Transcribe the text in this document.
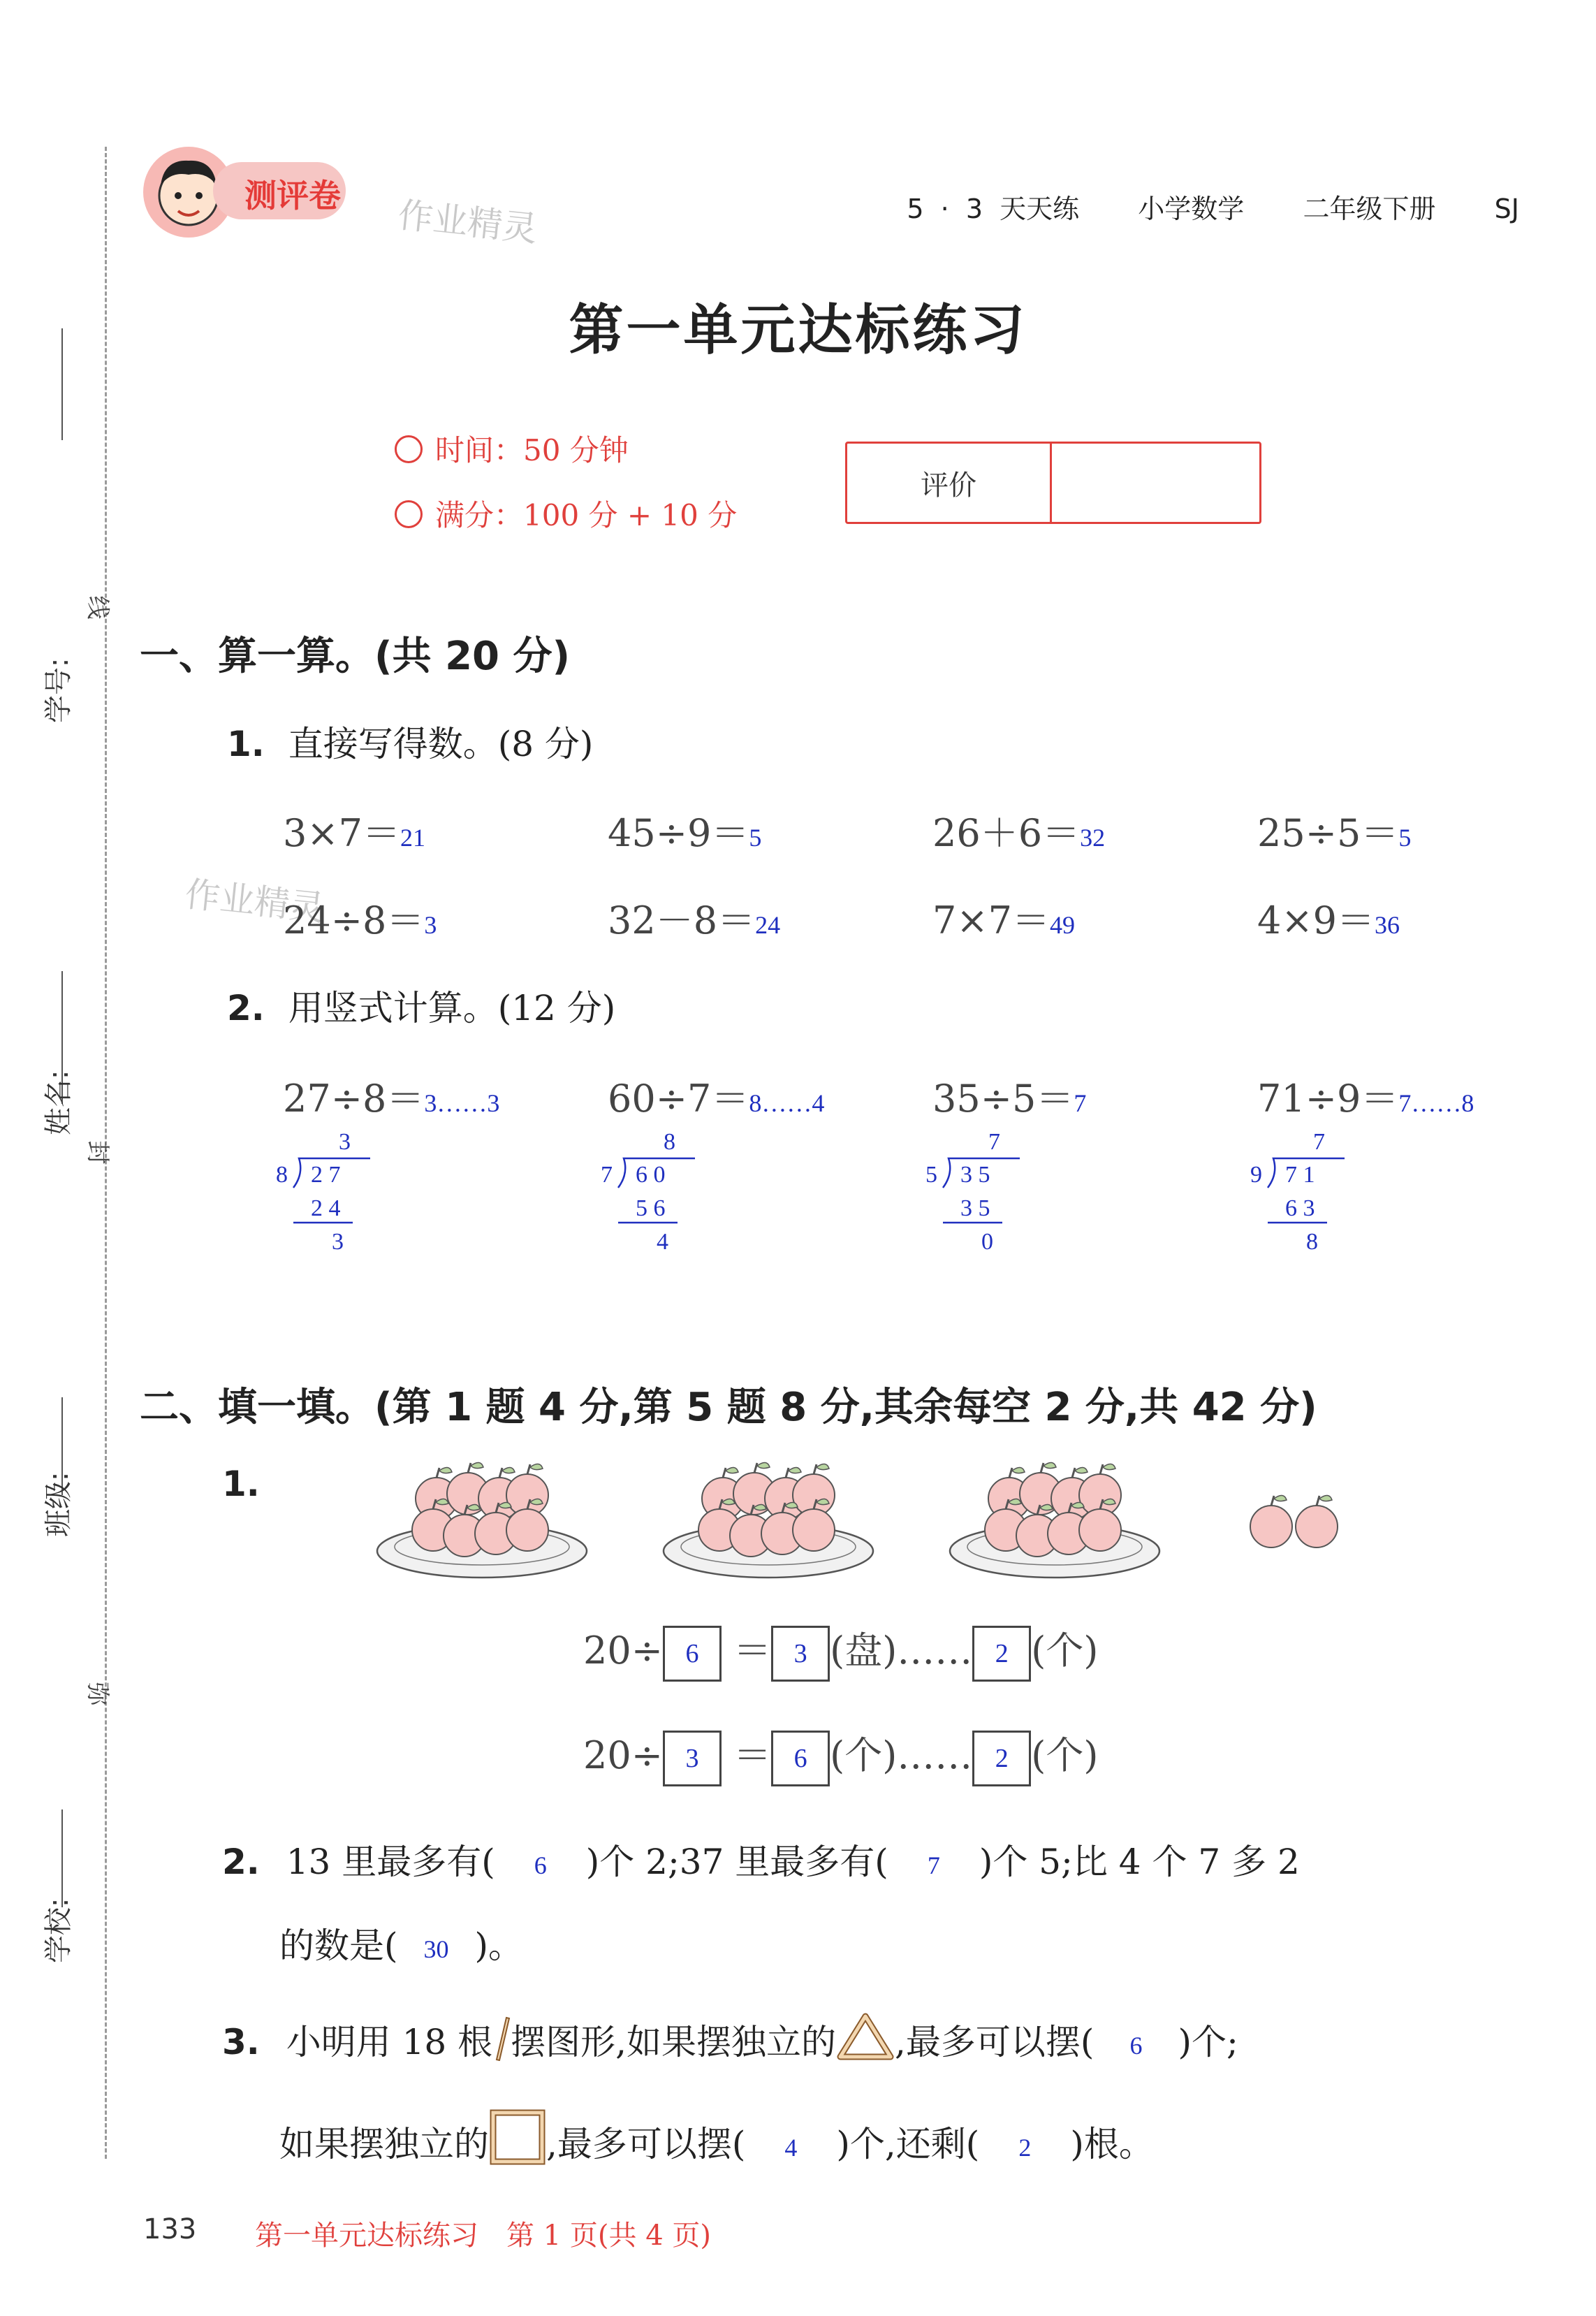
学号:
姓名:
班级:
学校:
线
封
弥
测评卷 作业精灵
作业精灵
5 · 3 天天练 小学数学 二年级下册 SJ
第一单元达标练习
时间：50 分钟
满分：100 分 + 10 分
评价
一、算一算。(共 20 分)
1. 直接写得数。(8 分)
3×7＝21	45÷9＝5	26＋6＝32	25÷5＝5
24÷8＝3	32－8＝24	7×7＝49	4×9＝36
2. 用竖式计算。(12 分)
27÷8＝3……3	60÷7＝8……4	35÷5＝7	71÷9＝7……8
3
8 2 7
2 4
3
8
7 6 0
5 6
4
7
5 3 5
3 5
0
7
9 7 1
6 3
8
二、填一填。(第 1 题 4 分,第 5 题 8 分,其余每空 2 分,共 42 分)
1.
20÷ 6 ＝ 3 (盘)…… 2 (个)
20÷ 3 ＝ 6 (个)…… 2 (个)
2. 13 里最多有( 6 )个 2;37 里最多有( 7 )个 5;比 4 个 7 多 2
的数是( 30 )。
3. 小明用 18 根 摆图形,如果摆独立的 ,最多可以摆( 6 )个;
如果摆独立的 ,最多可以摆( 4 )个,还剩( 2 )根。
133 第一单元达标练习　第 1 页(共 4 页)
